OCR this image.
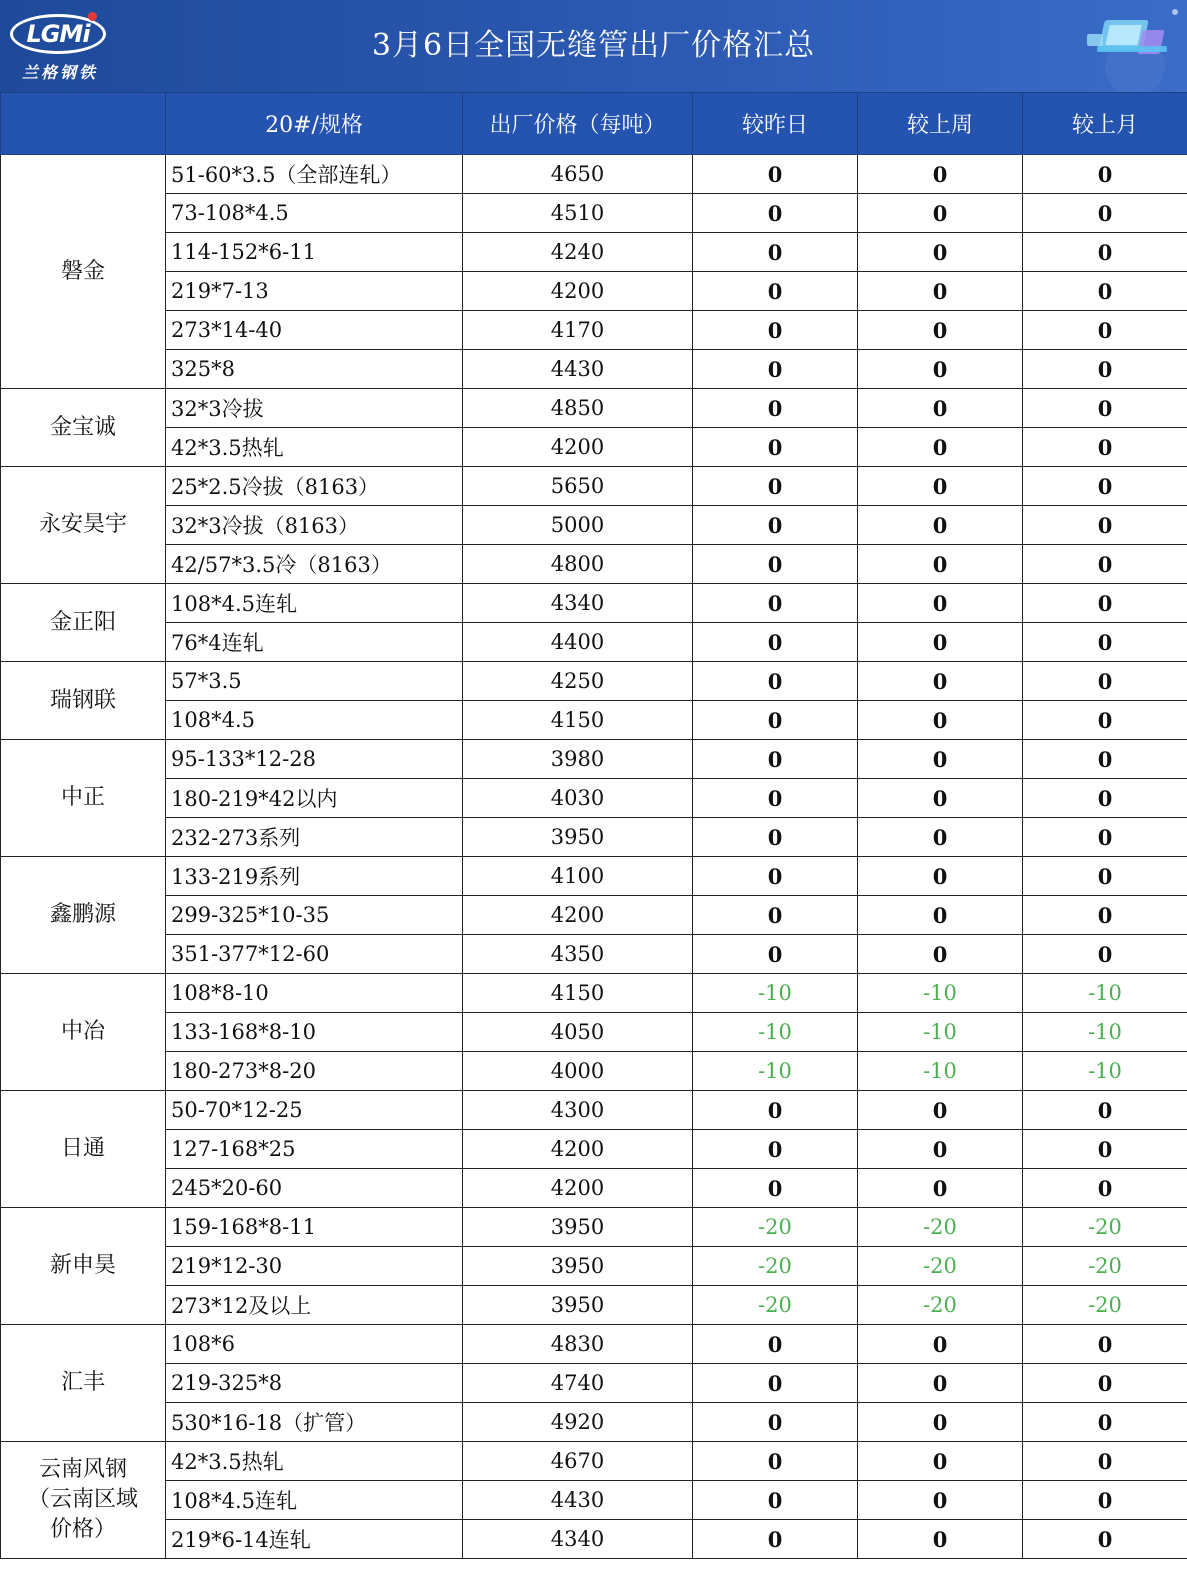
LGMi
兰格钢铁
3月6日全国无缝管出厂价格汇总
	20#/规格	出厂价格（每吨）	较昨日	较上周	较上月
磐金	51-60*3.5（全部连轧）	4650	0	0	0
	73-108*4.5	4510	0	0	0
	114-152*6-11	4240	0	0	0
	219*7-13	4200	0	0	0
	273*14-40	4170	0	0	0
	325*8	4430	0	0	0
金宝诚	32*3冷拔	4850	0	0	0
	42*3.5热轧	4200	0	0	0
永安昊宇	25*2.5冷拔（8163）	5650	0	0	0
	32*3冷拔（8163）	5000	0	0	0
	42/57*3.5冷（8163）	4800	0	0	0
金正阳	108*4.5连轧	4340	0	0	0
	76*4连轧	4400	0	0	0
瑞钢联	57*3.5	4250	0	0	0
	108*4.5	4150	0	0	0
中正	95-133*12-28	3980	0	0	0
	180-219*42以内	4030	0	0	0
	232-273系列	3950	0	0	0
鑫鹏源	133-219系列	4100	0	0	0
	299-325*10-35	4200	0	0	0
	351-377*12-60	4350	0	0	0
中冶	108*8-10	4150	-10	-10	-10
	133-168*8-10	4050	-10	-10	-10
	180-273*8-20	4000	-10	-10	-10
日通	50-70*12-25	4300	0	0	0
	127-168*25	4200	0	0	0
	245*20-60	4200	0	0	0
新申昊	159-168*8-11	3950	-20	-20	-20
	219*12-30	3950	-20	-20	-20
	273*12及以上	3950	-20	-20	-20
汇丰	108*6	4830	0	0	0
	219-325*8	4740	0	0	0
	530*16-18（扩管）	4920	0	0	0
云南风钢（云南区域价格）	42*3.5热轧	4670	0	0	0
	108*4.5连轧	4430	0	0	0
	219*6-14连轧	4340	0	0	0
